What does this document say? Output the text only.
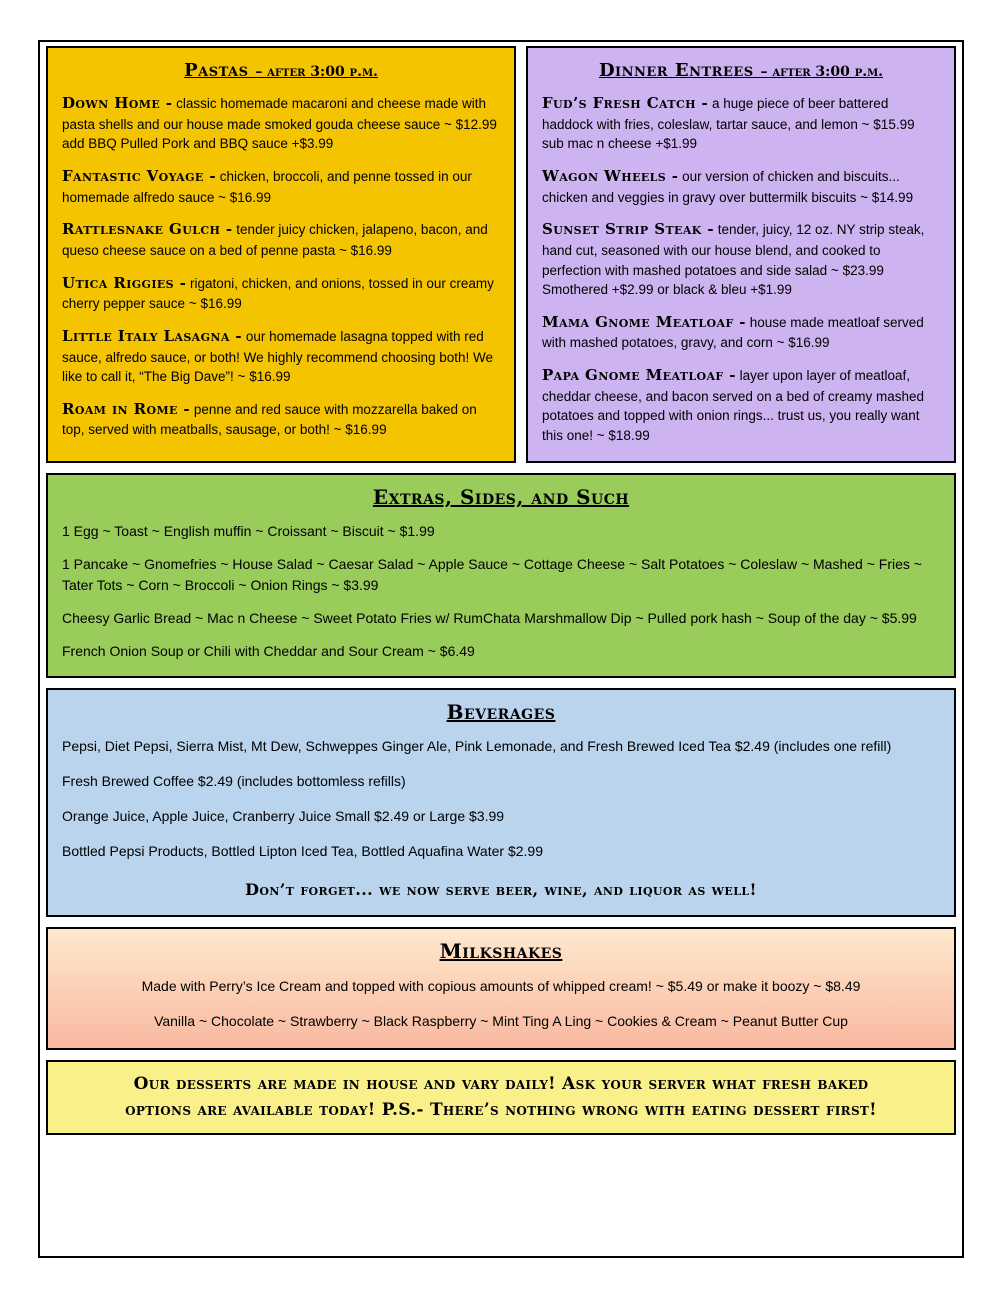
Pastas – after 3:00 p.m.
Down Home - classic homemade macaroni and cheese made with pasta shells and our house made smoked gouda cheese sauce ~ $12.99 add BBQ Pulled Pork and BBQ sauce +$3.99
Fantastic Voyage - chicken, broccoli, and penne tossed in our homemade alfredo sauce ~ $16.99
Rattlesnake Gulch - tender juicy chicken, jalapeno, bacon, and queso cheese sauce on a bed of penne pasta ~ $16.99
Utica Riggies - rigatoni, chicken, and onions, tossed in our creamy cherry pepper sauce ~ $16.99
Little Italy Lasagna - our homemade lasagna topped with red sauce, alfredo sauce, or both! We highly recommend choosing both! We like to call it, “The Big Dave”! ~ $16.99
Roam in Rome - penne and red sauce with mozzarella baked on top, served with meatballs, sausage, or both! ~ $16.99
Dinner Entrees – after 3:00 p.m.
Fud’s Fresh Catch - a huge piece of beer battered haddock with fries, coleslaw, tartar sauce, and lemon ~ $15.99 sub mac n cheese +$1.99
Wagon Wheels - our version of chicken and biscuits... chicken and veggies in gravy over buttermilk biscuits ~ $14.99
Sunset Strip Steak - tender, juicy, 12 oz. NY strip steak, hand cut, seasoned with our house blend, and cooked to perfection with mashed potatoes and side salad ~ $23.99 Smothered +$2.99 or black & bleu +$1.99
Mama Gnome Meatloaf - house made meatloaf served with mashed potatoes, gravy, and corn ~ $16.99
Papa Gnome Meatloaf - layer upon layer of meatloaf, cheddar cheese, and bacon served on a bed of creamy mashed potatoes and topped with onion rings... trust us, you really want this one! ~ $18.99
Extras, Sides, and Such
1 Egg ~ Toast ~ English muffin ~ Croissant ~ Biscuit ~ $1.99
1 Pancake ~ Gnomefries ~ House Salad ~ Caesar Salad ~ Apple Sauce ~ Cottage Cheese ~ Salt Potatoes ~ Coleslaw ~ Mashed ~ Fries ~ Tater Tots ~ Corn ~ Broccoli ~ Onion Rings ~ $3.99
Cheesy Garlic Bread ~ Mac n Cheese ~ Sweet Potato Fries w/ RumChata Marshmallow Dip ~ Pulled pork hash ~ Soup of the day ~ $5.99
French Onion Soup or Chili with Cheddar and Sour Cream ~ $6.49
Beverages
Pepsi, Diet Pepsi, Sierra Mist, Mt Dew, Schweppes Ginger Ale, Pink Lemonade, and Fresh Brewed Iced Tea $2.49 (includes one refill)
Fresh Brewed Coffee $2.49 (includes bottomless refills)
Orange Juice, Apple Juice, Cranberry Juice Small $2.49 or Large $3.99
Bottled Pepsi Products, Bottled Lipton Iced Tea, Bottled Aquafina Water $2.99
Don’t forget... we now serve beer, wine, and liquor as well!
Milkshakes
Made with Perry’s Ice Cream and topped with copious amounts of whipped cream! ~ $5.49 or make it boozy ~ $8.49
Vanilla ~ Chocolate ~ Strawberry ~ Black Raspberry ~ Mint Ting A Ling ~ Cookies & Cream ~ Peanut Butter Cup
Our desserts are made in house and vary daily! Ask your server what fresh baked
options are available today! P.S.- There’s nothing wrong with eating dessert first!
